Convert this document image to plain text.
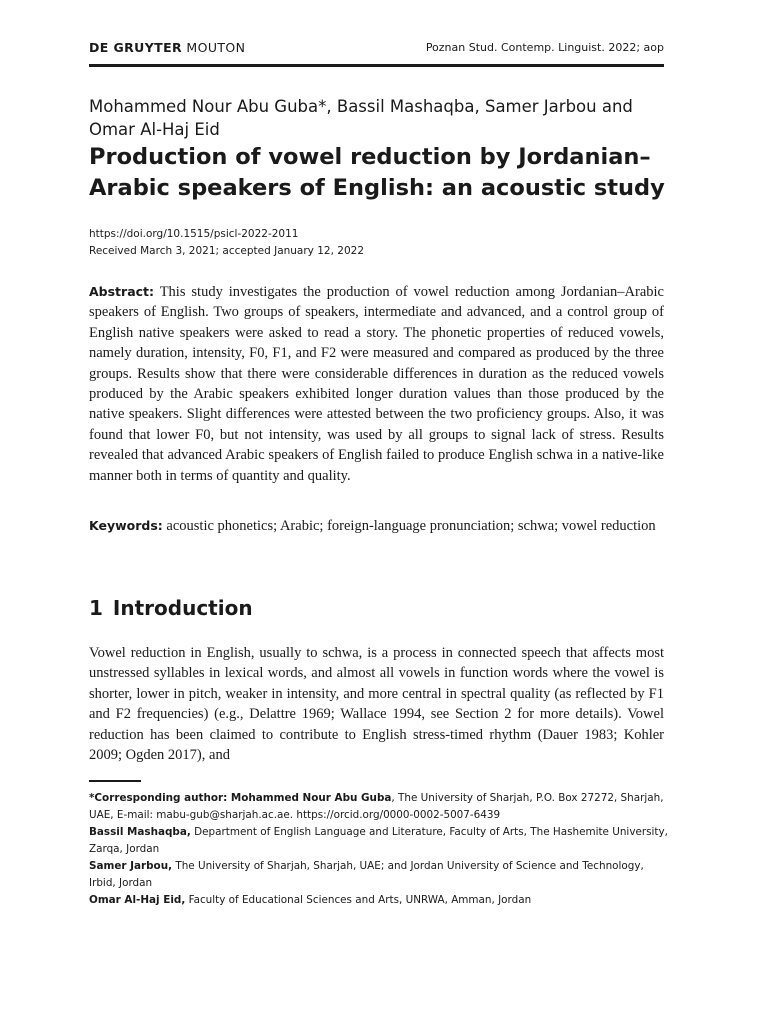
DE GRUYTER MOUTON	Poznan Stud. Contemp. Linguist. 2022; aop
Mohammed Nour Abu Guba*, Bassil Mashaqba, Samer Jarbou and Omar Al-Haj Eid
Production of vowel reduction by Jordanian–Arabic speakers of English: an acoustic study
https://doi.org/10.1515/psicl-2022-2011
Received March 3, 2021; accepted January 12, 2022

Abstract: This study investigates the production of vowel reduction among Jordanian–Arabic speakers of English. Two groups of speakers, intermediate and advanced, and a control group of English native speakers were asked to read a story. The phonetic properties of reduced vowels, namely duration, intensity, F0, F1, and F2 were measured and compared as produced by the three groups. Results show that there were considerable differences in duration as the reduced vowels produced by the Arabic speakers exhibited longer duration values than those produced by the native speakers. Slight differences were attested between the two proficiency groups. Also, it was found that lower F0, but not intensity, was used by all groups to signal lack of stress. Results revealed that advanced Arabic speakers of English failed to produce English schwa in a native-like manner both in terms of quantity and quality.

Keywords: acoustic phonetics; Arabic; foreign-language pronunciation; schwa; vowel reduction

1 Introduction

Vowel reduction in English, usually to schwa, is a process in connected speech that affects most unstressed syllables in lexical words, and almost all vowels in function words where the vowel is shorter, lower in pitch, weaker in intensity, and more central in spectral quality (as reflected by F1 and F2 frequencies) (e.g., Delattre 1969; Wallace 1994, see Section 2 for more details). Vowel reduction has been claimed to contribute to English stress-timed rhythm (Dauer 1983; Kohler 2009; Ogden 2017), and

*Corresponding author: Mohammed Nour Abu Guba, The University of Sharjah, P.O. Box 27272, Sharjah, UAE, E-mail: mabu-gub@sharjah.ac.ae. https://orcid.org/0000-0002-5007-6439

Bassil Mashaqba, Department of English Language and Literature, Faculty of Arts, The Hashemite University, Zarqa, Jordan

Samer Jarbou, The University of Sharjah, Sharjah, UAE; and Jordan University of Science and Technology, Irbid, Jordan

Omar Al-Haj Eid, Faculty of Educational Sciences and Arts, UNRWA, Amman, Jordan
